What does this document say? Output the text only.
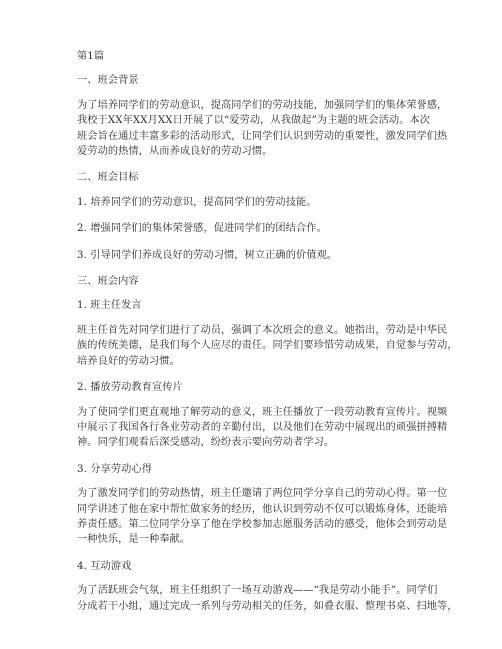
第1篇
一、班会背景
为了培养同学们的劳动意识，提高同学们的劳动技能，加强同学们的集体荣誉感，
我校于XX年XX月XX日开展了以“爱劳动，从我做起”为主题的班会活动。本次
班会旨在通过丰富多彩的活动形式，让同学们认识到劳动的重要性，激发同学们热
爱劳动的热情，从而养成良好的劳动习惯。
二、班会目标
1. 培养同学们的劳动意识，提高同学们的劳动技能。
2. 增强同学们的集体荣誉感，促进同学们的团结合作。
3. 引导同学们养成良好的劳动习惯，树立正确的价值观。
三、班会内容
1. 班主任发言
班主任首先对同学们进行了动员，强调了本次班会的意义。她指出，劳动是中华民
族的传统美德，是我们每个人应尽的责任。同学们要珍惜劳动成果，自觉参与劳动，
培养良好的劳动习惯。
2. 播放劳动教育宣传片
为了使同学们更直观地了解劳动的意义，班主任播放了一段劳动教育宣传片。视频
中展示了我国各行各业劳动者的辛勤付出，以及他们在劳动中展现出的顽强拼搏精
神。同学们观看后深受感动，纷纷表示要向劳动者学习。
3. 分享劳动心得
为了激发同学们的劳动热情，班主任邀请了两位同学分享自己的劳动心得。第一位
同学讲述了他在家中帮忙做家务的经历，他认识到劳动不仅可以锻炼身体，还能培
养责任感。第二位同学分享了他在学校参加志愿服务活动的感受，他体会到劳动是
一种快乐，是一种奉献。
4. 互动游戏
为了活跃班会气氛，班主任组织了一场互动游戏——“我是劳动小能手”。同学们
分成若干小组，通过完成一系列与劳动相关的任务，如叠衣服、整理书桌、扫地等，
